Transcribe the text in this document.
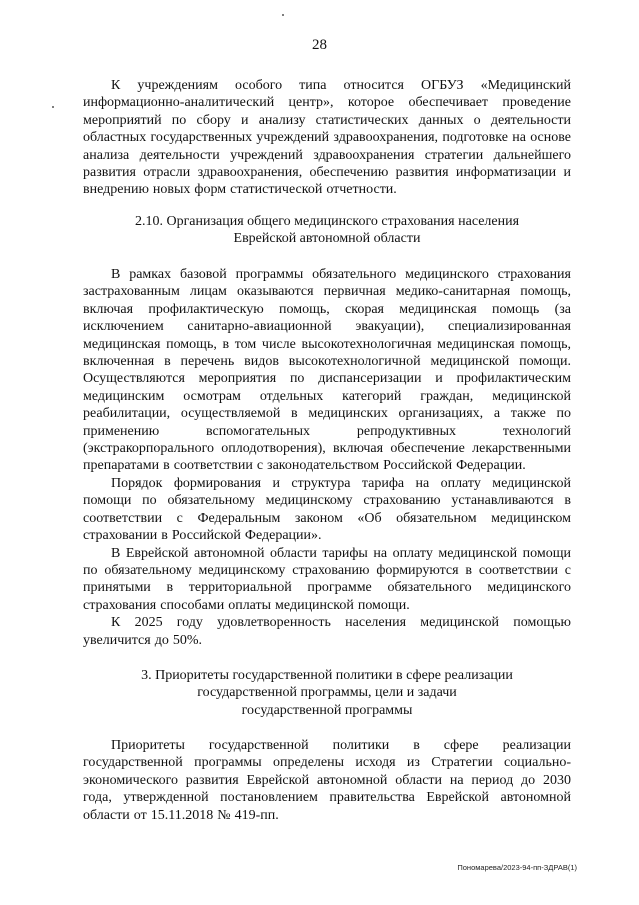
28

К учреждениям особого типа относится ОГБУЗ «Медицинский информационно-аналитический центр», которое обеспечивает проведение мероприятий по сбору и анализу статистических данных о деятельности областных государственных учреждений здравоохранения, подготовке на основе анализа деятельности учреждений здравоохранения стратегии дальнейшего развития отрасли здравоохранения, обеспечению развития информатизации и внедрению новых форм статистической отчетности.

2.10. Организация общего медицинского страхования населения
Еврейской автономной области

В рамках базовой программы обязательного медицинского страхования застрахованным лицам оказываются первичная медико-санитарная помощь, включая профилактическую помощь, скорая медицинская помощь (за исключением санитарно-авиационной эвакуации), специализированная медицинская помощь, в том числе высокотехнологичная медицинская помощь, включенная в перечень видов высокотехнологичной медицинской помощи. Осуществляются мероприятия по диспансеризации и профилактическим медицинским осмотрам отдельных категорий граждан, медицинской реабилитации, осуществляемой в медицинских организациях, а также по применению вспомогательных репродуктивных технологий (экстракорпорального оплодотворения), включая обеспечение лекарственными препаратами в соответствии с законодательством Российской Федерации.

Порядок формирования и структура тарифа на оплату медицинской помощи по обязательному медицинскому страхованию устанавливаются в соответствии с Федеральным законом «Об обязательном медицинском страховании в Российской Федерации».

В Еврейской автономной области тарифы на оплату медицинской помощи по обязательному медицинскому страхованию формируются в соответствии с принятыми в территориальной программе обязательного медицинского страхования способами оплаты медицинской помощи.

К 2025 году удовлетворенность населения медицинской помощью увеличится до 50%.

3. Приоритеты государственной политики в сфере реализации
государственной программы, цели и задачи
государственной программы

Приоритеты государственной политики в сфере реализации государственной программы определены исходя из Стратегии социально-экономического развития Еврейской автономной области на период до 2030 года, утвержденной постановлением правительства Еврейской автономной области от 15.11.2018 № 419-пп.

Пономарева/2023-94-пп-ЗДРАВ(1)
